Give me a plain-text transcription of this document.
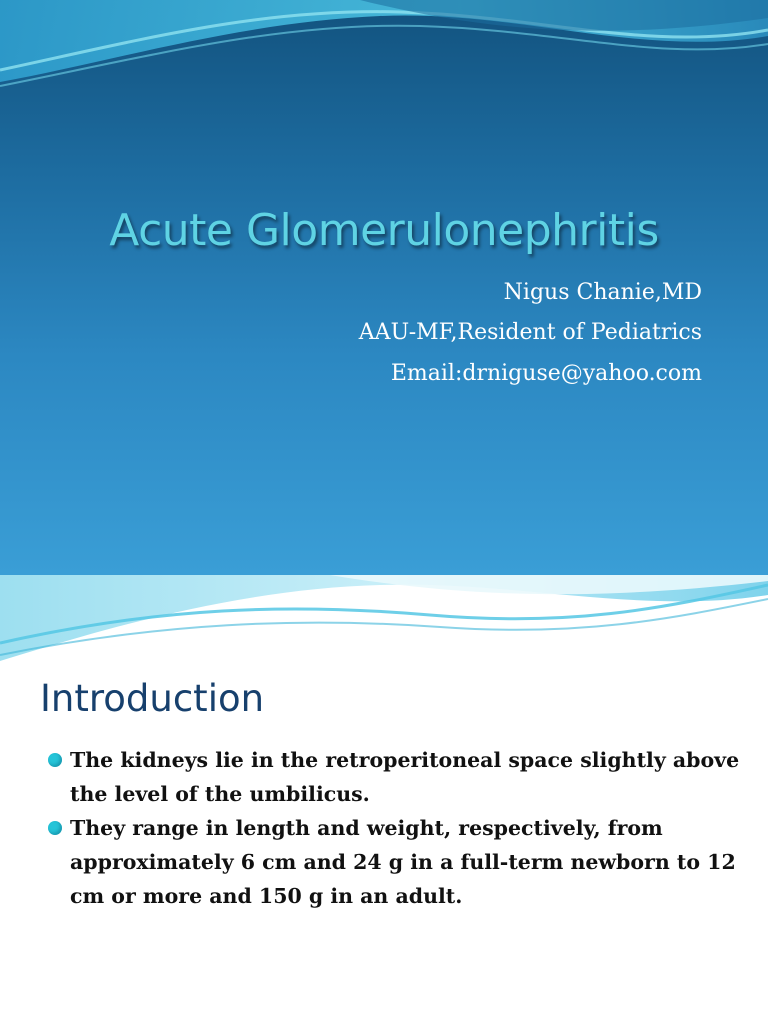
Acute Glomerulonephritis
Nigus Chanie,MD
AAU-MF,Resident of Pediatrics
Email:drniguse@yahoo.com
Introduction
The kidneys lie in the retroperitoneal space slightly above the level of the umbilicus.
They range in length and weight, respectively, from approximately 6 cm and 24 g in a full-term newborn to 12 cm or more and 150 g in an adult.
